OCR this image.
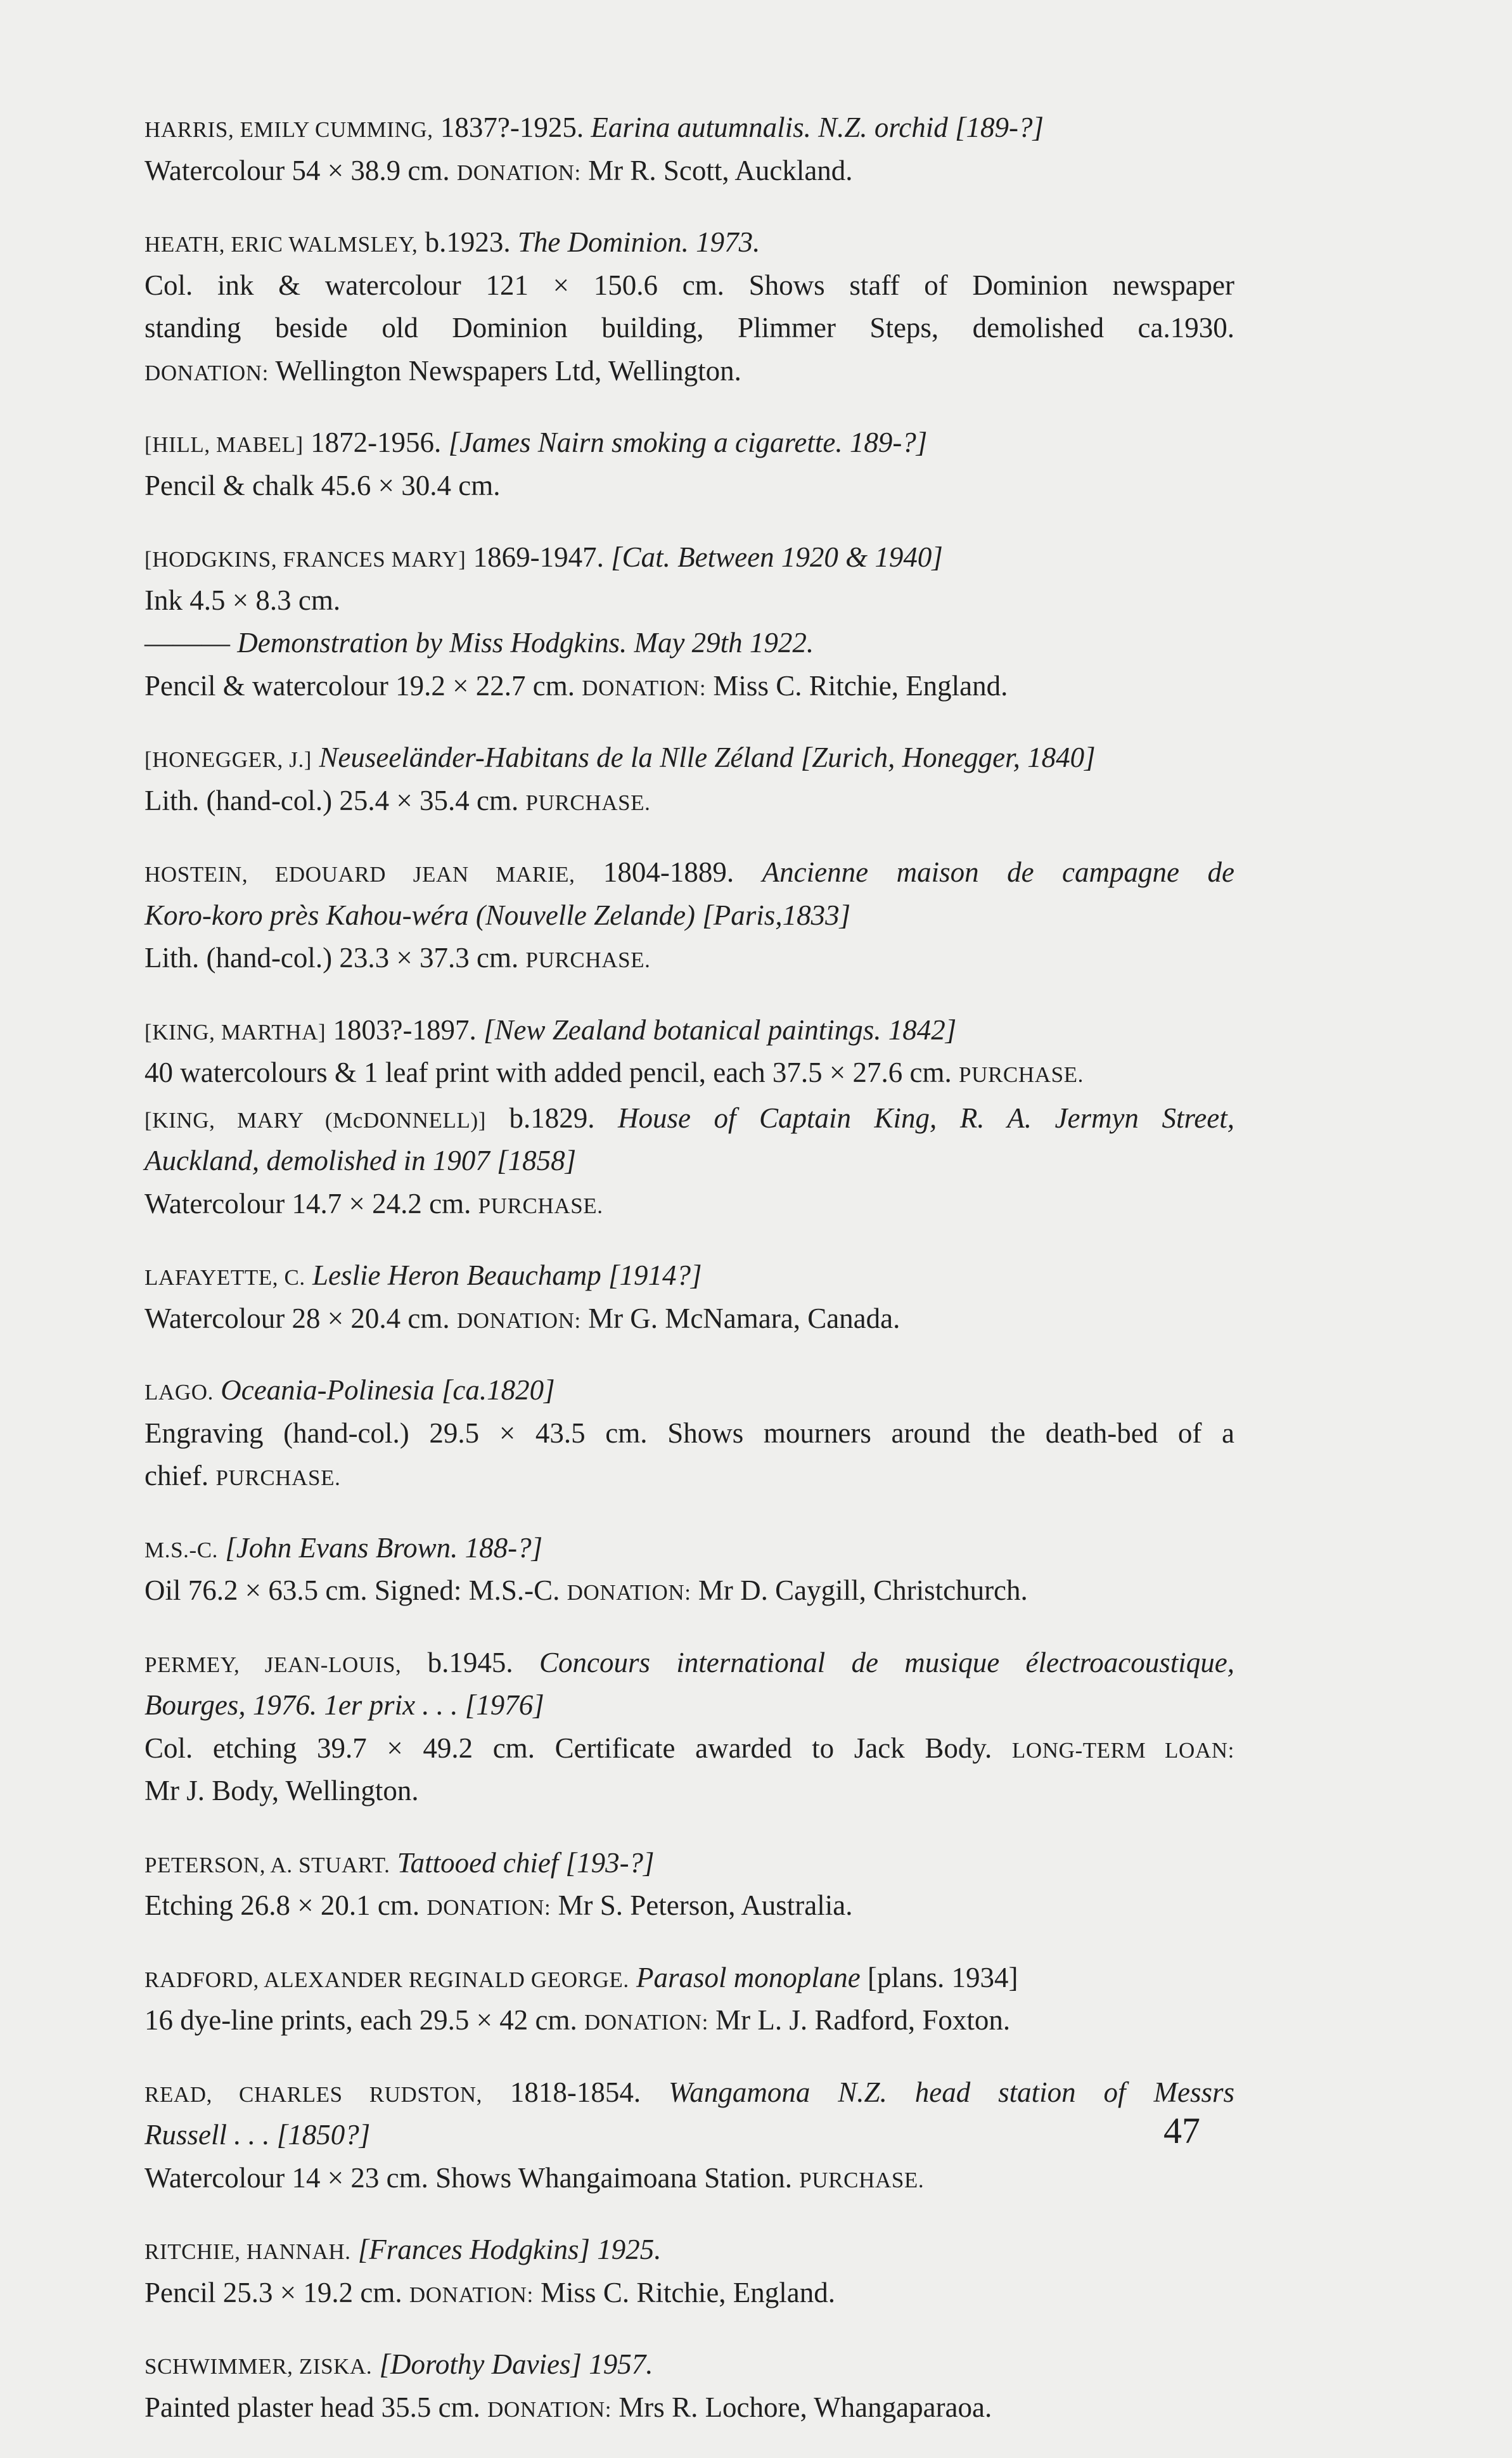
HARRIS, EMILY CUMMING, 1837?-1925. Earina autumnalis. N.Z. orchid [189-?]
Watercolour 54 × 38.9 cm. DONATION: Mr R. Scott, Auckland.
HEATH, ERIC WALMSLEY, b.1923. The Dominion. 1973.
Col. ink & watercolour 121 × 150.6 cm. Shows staff of Dominion newspaper
standing beside old Dominion building, Plimmer Steps, demolished ca.1930.
DONATION: Wellington Newspapers Ltd, Wellington.
[HILL, MABEL] 1872-1956. [James Nairn smoking a cigarette. 189-?]
Pencil & chalk 45.6 × 30.4 cm.
[HODGKINS, FRANCES MARY] 1869-1947. [Cat. Between 1920 & 1940]
Ink 4.5 × 8.3 cm.
——— Demonstration by Miss Hodgkins. May 29th 1922.
Pencil & watercolour 19.2 × 22.7 cm. DONATION: Miss C. Ritchie, England.
[HONEGGER, J.] Neuseeländer-Habitans de la Nlle Zéland [Zurich, Honegger, 1840]
Lith. (hand-col.) 25.4 × 35.4 cm. PURCHASE.
HOSTEIN, EDOUARD JEAN MARIE, 1804-1889. Ancienne maison de campagne de
Koro-koro près Kahou-wéra (Nouvelle Zelande) [Paris,1833]
Lith. (hand-col.) 23.3 × 37.3 cm. PURCHASE.
[KING, MARTHA] 1803?-1897. [New Zealand botanical paintings. 1842]
40 watercolours & 1 leaf print with added pencil, each 37.5 × 27.6 cm. PURCHASE.
[KING, MARY (McDONNELL)] b.1829. House of Captain King, R. A. Jermyn Street,
Auckland, demolished in 1907 [1858]
Watercolour 14.7 × 24.2 cm. PURCHASE.
LAFAYETTE, C. Leslie Heron Beauchamp [1914?]
Watercolour 28 × 20.4 cm. DONATION: Mr G. McNamara, Canada.
LAGO. Oceania-Polinesia [ca.1820]
Engraving (hand-col.) 29.5 × 43.5 cm. Shows mourners around the death-bed of a
chief. PURCHASE.
M.S.-C. [John Evans Brown. 188-?]
Oil 76.2 × 63.5 cm. Signed: M.S.-C. DONATION: Mr D. Caygill, Christchurch.
PERMEY, JEAN-LOUIS, b.1945. Concours international de musique électroacoustique,
Bourges, 1976. 1er prix . . . [1976]
Col. etching 39.7 × 49.2 cm. Certificate awarded to Jack Body. LONG-TERM LOAN:
Mr J. Body, Wellington.
PETERSON, A. STUART. Tattooed chief [193-?]
Etching 26.8 × 20.1 cm. DONATION: Mr S. Peterson, Australia.
RADFORD, ALEXANDER REGINALD GEORGE. Parasol monoplane [plans. 1934]
16 dye-line prints, each 29.5 × 42 cm. DONATION: Mr L. J. Radford, Foxton.
READ, CHARLES RUDSTON, 1818-1854. Wangamona N.Z. head station of Messrs
Russell . . . [1850?]
Watercolour 14 × 23 cm. Shows Whangaimoana Station. PURCHASE.
RITCHIE, HANNAH. [Frances Hodgkins] 1925.
Pencil 25.3 × 19.2 cm. DONATION: Miss C. Ritchie, England.
SCHWIMMER, ZISKA. [Dorothy Davies] 1957.
Painted plaster head 35.5 cm. DONATION: Mrs R. Lochore, Whangaparaoa.
47
